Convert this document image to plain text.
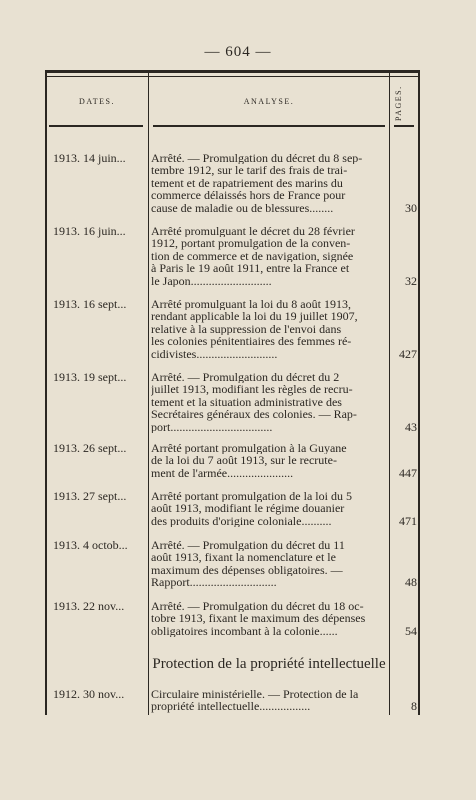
— 604 —
DATES.	ANALYSE.	PAGES.
1913. 14 juin...	Arrêté. — Promulgation du décret du 8 sep-
tembre 1912, sur le tarif des frais de trai-
tement et de rapatriement des marins du
commerce délaissés hors de France pour
cause de maladie ou de blessures........	30
1913. 16 juin...	Arrêté promulguant le décret du 28 février
1912, portant promulgation de la conven-
tion de commerce et de navigation, signée
à Paris le 19 août 1911, entre la France et
le Japon...........................	32
1913. 16 sept...	Arrêté promulguant la loi du 8 août 1913,
rendant applicable la loi du 19 juillet 1907,
relative à la suppression de l'envoi dans
les colonies pénitentiaires des femmes ré-
cidivistes...........................	427
1913. 19 sept...	Arrêté. — Promulgation du décret du 2
juillet 1913, modifiant les règles de recru-
tement et la situation administrative des
Secrétaires généraux des colonies. — Rap-
port..................................	43
1913. 26 sept...	Arrêté portant promulgation à la Guyane
de la loi du 7 août 1913, sur le recrute-
ment de l'armée......................	447
1913. 27 sept...	Arrêté portant promulgation de la loi du 5
août 1913, modifiant le régime douanier
des produits d'origine coloniale..........	471
1913. 4 octob...	Arrêté. — Promulgation du décret du 11
août 1913, fixant la nomenclature et le
maximum des dépenses obligatoires. —
Rapport.............................	48
1913. 22 nov...	Arrêté. — Promulgation du décret du 18 oc-
tobre 1913, fixant le maximum des dépenses
obligatoires incombant à la colonie......	54
Protection de la propriété intellectuelle
1912. 30 nov...	Circulaire ministérielle. — Protection de la
propriété intellectuelle.................	8
